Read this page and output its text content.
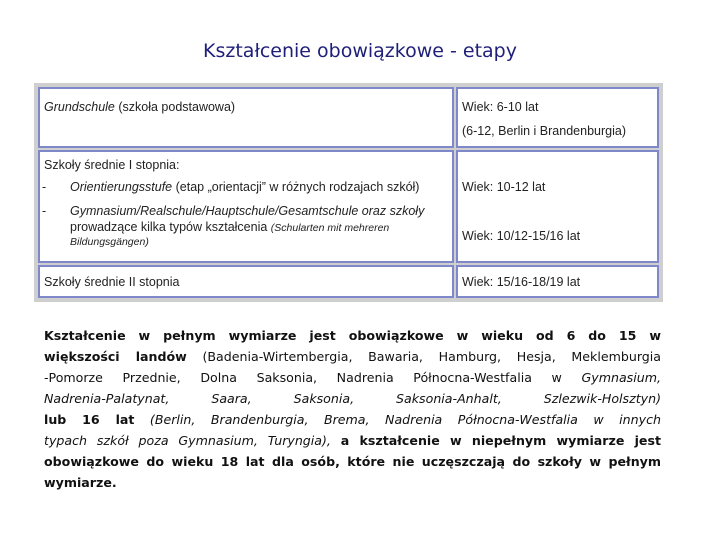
Kształcenie obowiązkowe - etapy
Grundschule (szkoła podstawowa)	Wiek: 6-10 lat
(6-12, Berlin i Brandenburgia)
Szkoły średnie I stopnia:
- Orientierungsstufe (etap „orientacji” w różnych rodzajach szkół)
- Gymnasium/Realschule/Hauptschule/Gesamtschule oraz szkoły
prowadzące kilka typów kształcenia (Schularten mit mehreren
Bildungsgängen)
Wiek: 10-12 lat
Wiek: 10/12-15/16 lat
Szkoły średnie II stopnia	Wiek: 15/16-18/19 lat
Kształcenie w pełnym wymiarze jest obowiązkowe w wieku od 6 do 15 w
większości landów (Badenia-Wirtembergia, Bawaria, Hamburg, Hesja, Meklemburgia
-Pomorze Przednie, Dolna Saksonia, Nadrenia Północna-Westfalia w Gymnasium,
Nadrenia-Palatynat, Saara, Saksonia, Saksonia-Anhalt, Szlezwik-Holsztyn)
lub 16 lat (Berlin, Brandenburgia, Brema, Nadrenia Północna-Westfalia w innych
typach szkół poza Gymnasium, Turyngia), a kształcenie w niepełnym wymiarze jest
obowiązkowe do wieku 18 lat dla osób, które nie uczęszczają do szkoły w pełnym
wymiarze.
